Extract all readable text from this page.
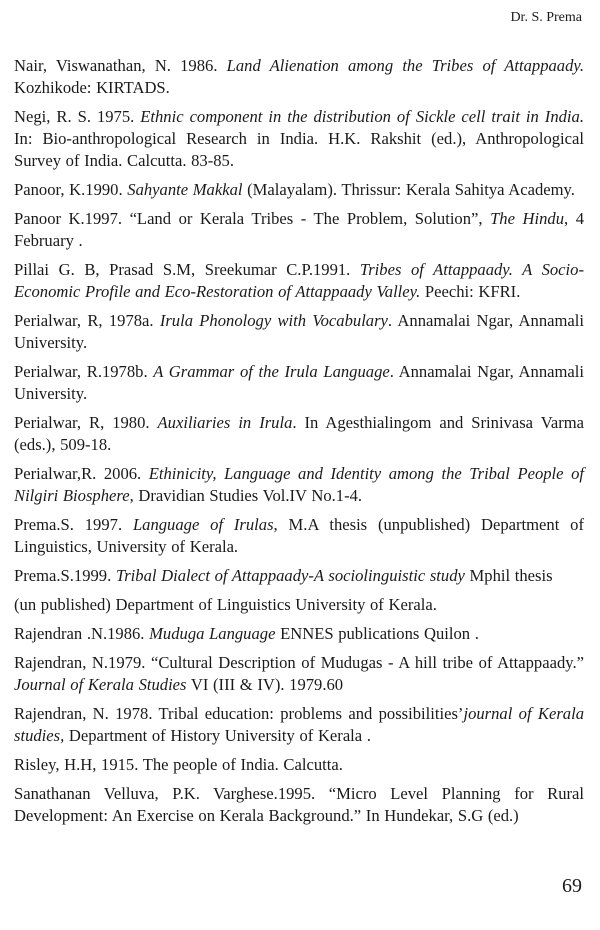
Dr. S. Prema

Nair, Viswanathan, N. 1986. Land Alienation among the Tribes of Attappaady. Kozhikode: KIRTADS.

Negi, R. S. 1975. Ethnic component in the distribution of Sickle cell trait in India. In: Bio-anthropological Research in India. H.K. Rakshit (ed.), Anthropological Survey of India. Calcutta. 83-85.

Panoor, K.1990. Sahyante Makkal (Malayalam). Thrissur: Kerala Sahitya Academy.

Panoor K.1997. “Land or Kerala Tribes - The Problem, Solution”, The Hindu, 4 February .

Pillai G. B, Prasad S.M, Sreekumar C.P.1991. Tribes of Attappaady. A Socio-Economic Profile and Eco-Restoration of Attappaady Valley. Peechi: KFRI.

Perialwar, R, 1978a. Irula Phonology with Vocabulary. Annamalai Ngar, Annamali University.

Perialwar, R.1978b. A Grammar of the Irula Language. Annamalai Ngar, Annamali University.

Perialwar, R, 1980. Auxiliaries in Irula. In Agesthialingom and Srinivasa Varma (eds.), 509-18.

Perialwar,R. 2006. Ethinicity, Language and Identity among the Tribal People of Nilgiri Biosphere, Dravidian Studies Vol.IV No.1-4.

Prema.S. 1997. Language of Irulas, M.A thesis (unpublished) Department of Linguistics, University of Kerala.

Prema.S.1999. Tribal Dialect of Attappaady-A sociolinguistic study Mphil thesis

(un published) Department of Linguistics University of Kerala.

Rajendran .N.1986. Muduga Language ENNES publications Quilon .

Rajendran, N.1979. “Cultural Description of Mudugas - A hill tribe of Attappaady.” Journal of Kerala Studies VI (III & IV). 1979.60

Rajendran, N. 1978. Tribal education: problems and possibilities’journal of Kerala studies, Department of History University of Kerala .

Risley, H.H, 1915. The people of India. Calcutta.

Sanathanan Velluva, P.K. Varghese.1995. “Micro Level Planning for Rural Development: An Exercise on Kerala Background.” In Hundekar, S.G (ed.)

69
